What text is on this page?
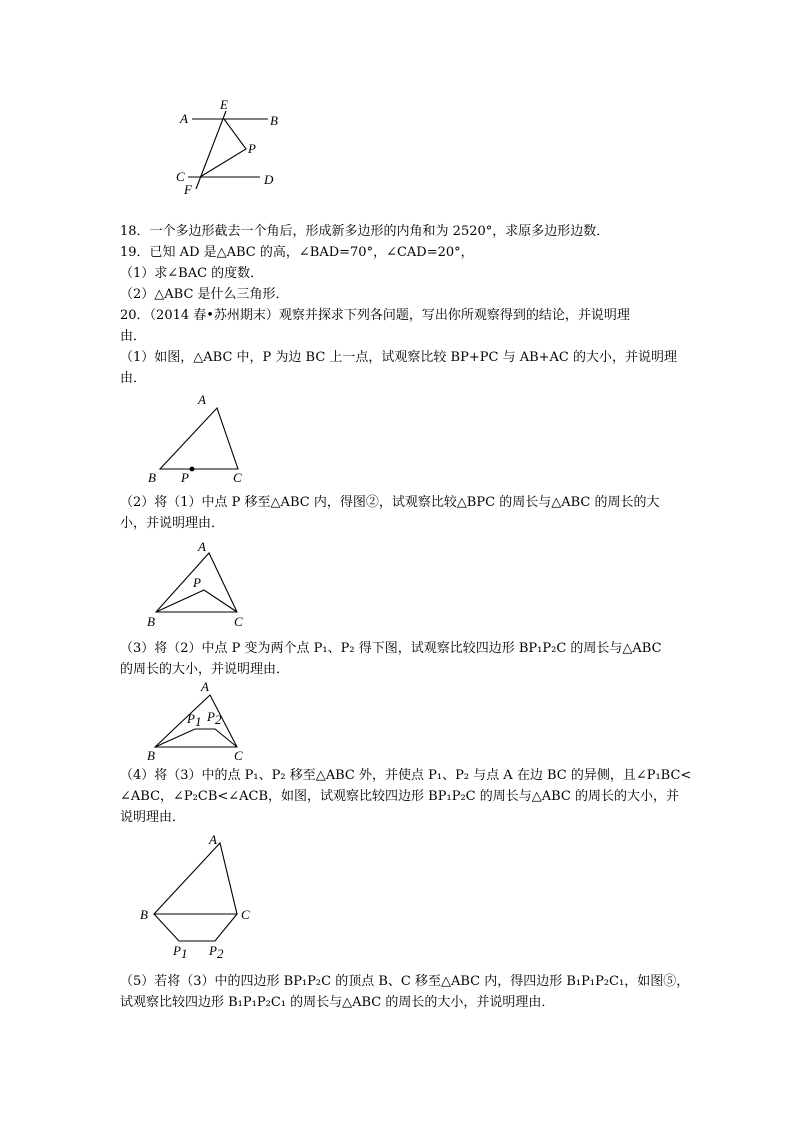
E
A	B
P
C	D
F
18．一个多边形截去一个角后，形成新多边形的内角和为 2520°，求原多边形边数．
19．已知 AD 是△ABC 的高，∠BAD=70°，∠CAD=20°，
（1）求∠BAC 的度数．
（2）△ABC 是什么三角形．
20．（2014 春•苏州期末）观察并探求下列各问题，写出你所观察得到的结论，并说明理
由．
（1）如图，△ABC 中，P 为边 BC 上一点，试观察比较 BP+PC 与 AB+AC 的大小，并说明理
由．
A
B P	C
（2）将（1）中点 P 移至△ABC 内，得图②，试观察比较△BPC 的周长与△ABC 的周长的大
小，并说明理由．
A
P
B	C
（3）将（2）中点 P 变为两个点 P₁、P₂ 得下图，试观察比较四边形 BP₁P₂C 的周长与△ABC
的周长的大小，并说明理由．
A
P1 P2
B	C
（4）将（3）中的点 P₁、P₂ 移至△ABC 外，并使点 P₁、P₂ 与点 A 在边 BC 的异侧，且∠P₁BC<
∠ABC，∠P₂CB<∠ACB，如图，试观察比较四边形 BP₁P₂C 的周长与△ABC 的周长的大小，并
说明理由．
A
B	C
P1 P2
（5）若将（3）中的四边形 BP₁P₂C 的顶点 B、C 移至△ABC 内，得四边形 B₁P₁P₂C₁，如图⑤，
试观察比较四边形 B₁P₁P₂C₁ 的周长与△ABC 的周长的大小，并说明理由．
